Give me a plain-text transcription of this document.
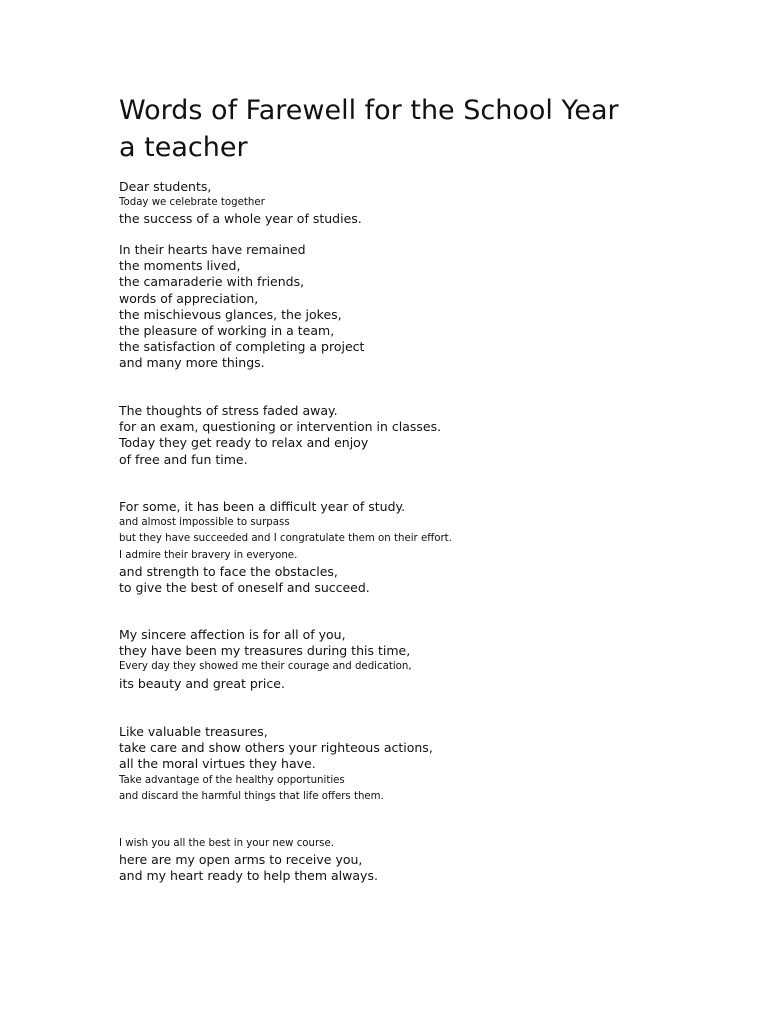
Words of Farewell for the School Year
a teacher
Dear students,
Today we celebrate together
the success of a whole year of studies.
In their hearts have remained
the moments lived,
the camaraderie with friends,
words of appreciation,
the mischievous glances, the jokes,
the pleasure of working in a team,
the satisfaction of completing a project
and many more things.
The thoughts of stress faded away.
for an exam, questioning or intervention in classes.
Today they get ready to relax and enjoy
of free and fun time.
For some, it has been a difficult year of study.
and almost impossible to surpass
but they have succeeded and I congratulate them on their effort.
I admire their bravery in everyone.
and strength to face the obstacles,
to give the best of oneself and succeed.
My sincere affection is for all of you,
they have been my treasures during this time,
Every day they showed me their courage and dedication,
its beauty and great price.
Like valuable treasures,
take care and show others your righteous actions,
all the moral virtues they have.
Take advantage of the healthy opportunities
and discard the harmful things that life offers them.
I wish you all the best in your new course.
here are my open arms to receive you,
and my heart ready to help them always.
